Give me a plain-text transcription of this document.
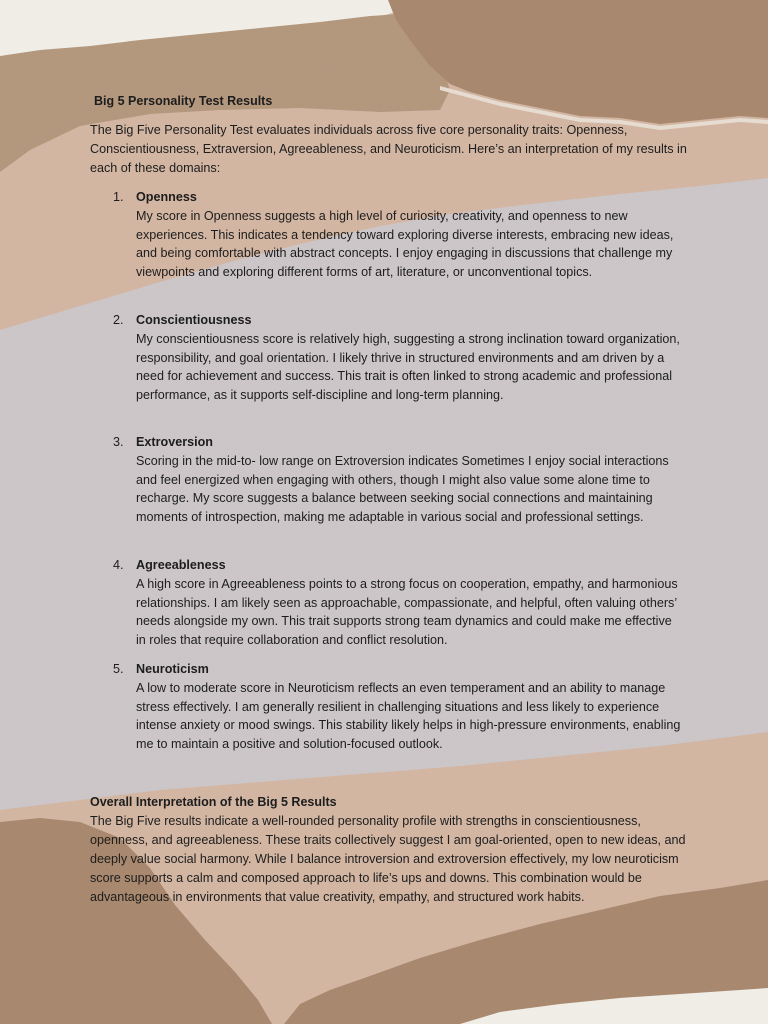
Big 5 Personality Test Results
The Big Five Personality Test evaluates individuals across five core personality traits: Openness, Conscientiousness, Extraversion, Agreeableness, and Neuroticism. Here’s an interpretation of my results in each of these domains:
1. Openness
My score in Openness suggests a high level of curiosity, creativity, and openness to new experiences. This indicates a tendency toward exploring diverse interests, embracing new ideas, and being comfortable with abstract concepts. I enjoy engaging in discussions that challenge my viewpoints and exploring different forms of art, literature, or unconventional topics.
2. Conscientiousness
My conscientiousness score is relatively high, suggesting a strong inclination toward organization, responsibility, and goal orientation. I likely thrive in structured environments and am driven by a need for achievement and success. This trait is often linked to strong academic and professional performance, as it supports self-discipline and long-term planning.
3. Extroversion
Scoring in the mid-to- low range on Extroversion indicates Sometimes I enjoy social interactions and feel energized when engaging with others, though I might also value some alone time to recharge. My score suggests a balance between seeking social connections and maintaining moments of introspection, making me adaptable in various social and professional settings.
4. Agreeableness
A high score in Agreeableness points to a strong focus on cooperation, empathy, and harmonious relationships. I am likely seen as approachable, compassionate, and helpful, often valuing others’ needs alongside my own. This trait supports strong team dynamics and could make me effective in roles that require collaboration and conflict resolution.
5. Neuroticism
A low to moderate score in Neuroticism reflects an even temperament and an ability to manage stress effectively. I am generally resilient in challenging situations and less likely to experience intense anxiety or mood swings. This stability likely helps in high-pressure environments, enabling me to maintain a positive and solution-focused outlook.
Overall Interpretation of the Big 5 Results
The Big Five results indicate a well-rounded personality profile with strengths in conscientiousness, openness, and agreeableness. These traits collectively suggest I am goal-oriented, open to new ideas, and deeply value social harmony. While I balance introversion and extroversion effectively, my low neuroticism score supports a calm and composed approach to life’s ups and downs. This combination would be advantageous in environments that value creativity, empathy, and structured work habits.
